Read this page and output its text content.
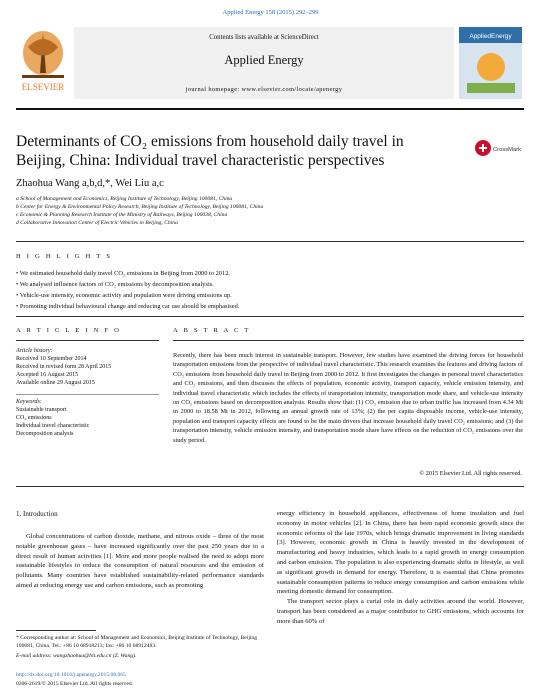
Applied Energy 158 (2015) 292–299
ELSEVIER
Contents lists available at ScienceDirect
Applied Energy
journal homepage: www.elsevier.com/locate/apenergy
AppliedEnergy
Determinants of CO₂ emissions from household daily travel in Beijing, China: Individual travel characteristic perspectives
CrossMark
Zhaohua Wang a,b,d,*, Wei Liu a,c
a School of Management and Economics, Beijing Institute of Technology, Beijing 100081, China
b Center for Energy & Environmental Policy Research, Beijing Institute of Technology, Beijing 100081, China
c Economic & Planning Research Institute of the Ministry of Railways, Beijing 100038, China
d Collaborative Innovation Center of Electric Vehicles in Beijing, China
H I G H L I G H T S
• We estimated household daily travel CO₂ emissions in Beijing from 2000 to 2012.
• We analysed influence factors of CO₂ emissions by decomposition analysis.
• Vehicle-use intensity, economic activity and population were driving emissions up.
• Promoting individual behavioural change and reducing car use should be emphasised.
A R T I C L E I N F O	A B S T R A C T
Article history:
Received 10 September 2014
Received in revised form 28 April 2015
Accepted 16 August 2015
Available online 29 August 2015
Keywords:
Sustainable transport
CO₂ emissions
Individual travel characteristic
Decomposition analysis
Recently, there has been much interest in sustainable transport. However, few studies have examined the driving forces for household transportation emissions from the perspective of individual travel characteristic. This research examines the features and driving factors of CO₂ emissions from household daily travel in Beijing from 2000 to 2012. It first investigates the changes in personal travel characteristics and CO₂ emissions, and then discusses the effects of population, economic activity, transport capacity, vehicle emission intensity, and individual travel characteristic which includes the effects of transportation intensity, transportation mode share, and vehicle-use intensity on CO₂ emissions based on decomposition analysis. Results show that: (1) CO₂ emission due to urban traffic has increased from 4.34 Mt in 2000 to 18.58 Mt in 2012, following an annual growth rate of 13%; (2) the per capita disposable income, vehicle-use intensity, population and transport capacity effects are found to be the main drivers that increase household daily travel CO₂ emissions; and (3) the transportation intensity, vehicle emission intensity, and transportation mode share have effects on the reduction of CO₂ emissions over the study period.
© 2015 Elsevier Ltd. All rights reserved.
1. Introduction

Global concentrations of carbon dioxide, methane, and nitrous oxide – three of the most notable greenhouse gases – have increased significantly over the past 250 years due to a direct result of human activities [1]. More and more people realised the need to adopt more sustainable lifestyles to reduce the consumption of natural resources and the emission of pollutants. Many countries have established sustainability-related performance standards aimed at reducing energy use and carbon emissions, such as promoting

energy efficiency in household appliances, effectiveness of home insulation and fuel economy in motor vehicles [2]. In China, there has been rapid economic growth since the economic reforms of the late 1970s, which brings dramatic improvement in living standards [3]. However, economic growth in China is heavily invested in the development of manufacturing and heavy industries, which leads to a rapid growth in energy consumption and carbon emission. The population is also experiencing dramatic shifts in lifestyle, as well as significant growth in demand for energy. Therefore, it is essential that China promotes sustainable consumption patterns to reduce energy consumption and carbon emissions while meeting domestic demand for consumption.

The transport sector plays a curial role in daily activities around the world. However, transport has been considered as a major contributor to GHG emissions, which accounts for more than 60% of

* Corresponding author at: School of Management and Economics, Beijing Institute of Technology, Beijing 100081, China. Tel.: +86 10 68918213; fax: +86 10 68912483.
E-mail address: wangzhaohua@bit.edu.cn (Z. Wang).
http://dx.doi.org/10.1016/j.apenergy.2015.08.065
0306-2619/© 2015 Elsevier Ltd. All rights reserved.
